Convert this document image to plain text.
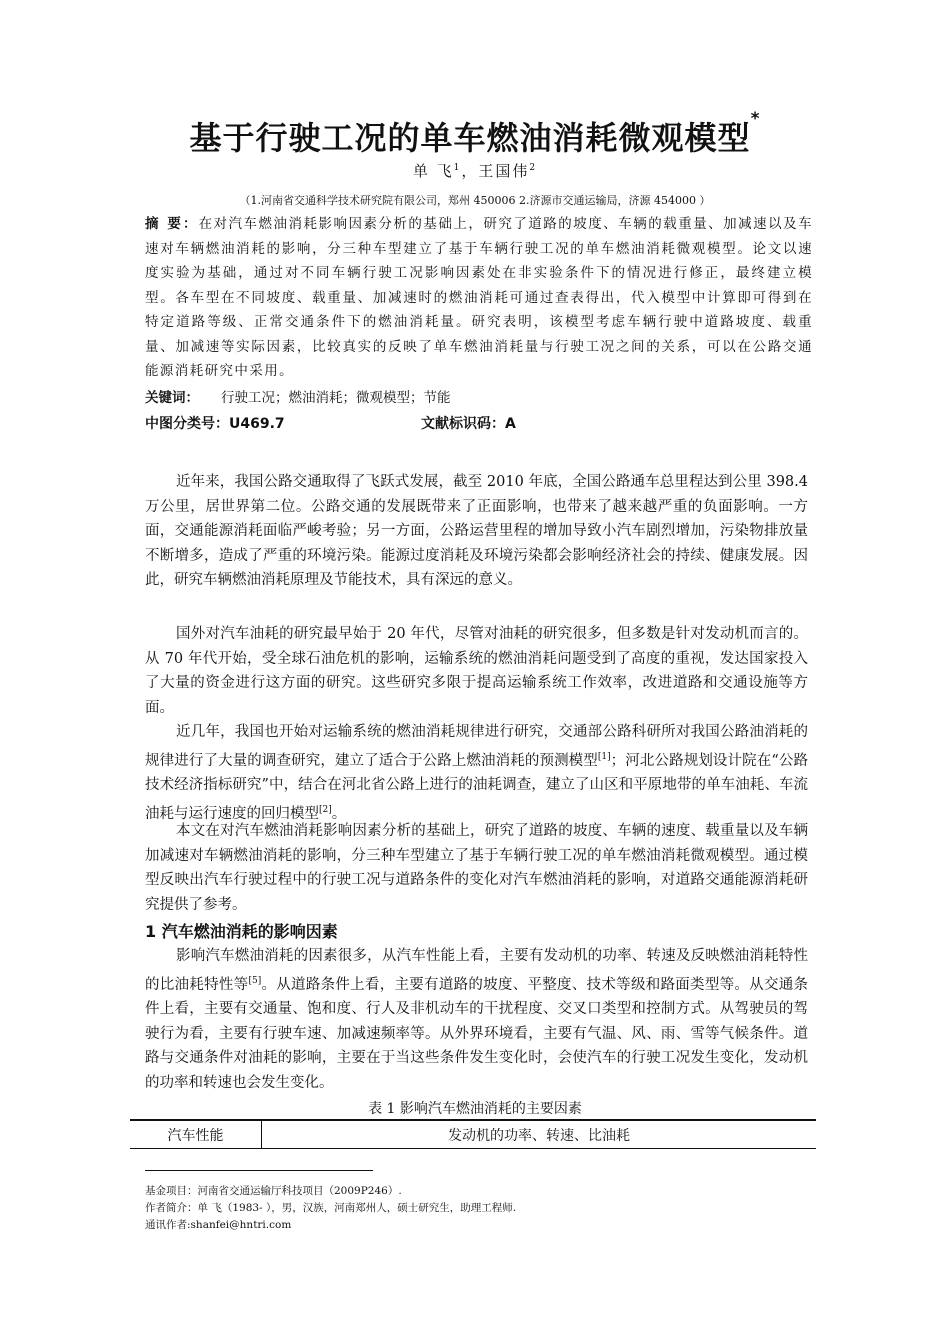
基于行驶工况的单车燃油消耗微观模型*
单 飞$^1$，王国伟$^2$
（1.河南省交通科学技术研究院有限公司，郑州 450006 2.济源市交通运输局，济源 454000 ）
摘 要：在对汽车燃油消耗影响因素分析的基础上，研究了道路的坡度、车辆的载重量、加减速以及车速对车辆燃油消耗的影响，分三种车型建立了基于车辆行驶工况的单车燃油消耗微观模型。论文以速度实验为基础，通过对不同车辆行驶工况影响因素处在非实验条件下的情况进行修正，最终建立模型。各车型在不同坡度、载重量、加减速时的燃油消耗可通过查表得出，代入模型中计算即可得到在特定道路等级、正常交通条件下的燃油消耗量。研究表明，该模型考虑车辆行驶中道路坡度、载重量、加减速等实际因素，比较真实的反映了单车燃油消耗量与行驶工况之间的关系，可以在公路交通能源消耗研究中采用。
关键词： 行驶工况；燃油消耗；微观模型；节能
中图分类号：U469.7	文献标识码：A
近年来，我国公路交通取得了飞跃式发展，截至 2010 年底，全国公路通车总里程达到公里 398.4 万公里，居世界第二位。公路交通的发展既带来了正面影响，也带来了越来越严重的负面影响。一方面，交通能源消耗面临严峻考验；另一方面，公路运营里程的增加导致小汽车剧烈增加，污染物排放量不断增多，造成了严重的环境污染。能源过度消耗及环境污染都会影响经济社会的持续、健康发展。因此，研究车辆燃油消耗原理及节能技术，具有深远的意义。
国外对汽车油耗的研究最早始于 20 年代，尽管对油耗的研究很多，但多数是针对发动机而言的。从 70 年代开始，受全球石油危机的影响，运输系统的燃油消耗问题受到了高度的重视，发达国家投入了大量的资金进行这方面的研究。这些研究多限于提高运输系统工作效率，改进道路和交通设施等方面。
近几年，我国也开始对运输系统的燃油消耗规律进行研究，交通部公路科研所对我国公路油消耗的规律进行了大量的调查研究，建立了适合于公路上燃油消耗的预测模型[1]；河北公路规划设计院在“公路技术经济指标研究”中，结合在河北省公路上进行的油耗调查，建立了山区和平原地带的单车油耗、车流油耗与运行速度的回归模型[2]。
本文在对汽车燃油消耗影响因素分析的基础上，研究了道路的坡度、车辆的速度、载重量以及车辆加减速对车辆燃油消耗的影响，分三种车型建立了基于车辆行驶工况的单车燃油消耗微观模型。通过模型反映出汽车行驶过程中的行驶工况与道路条件的变化对汽车燃油消耗的影响，对道路交通能源消耗研究提供了参考。
1 汽车燃油消耗的影响因素
影响汽车燃油消耗的因素很多，从汽车性能上看，主要有发动机的功率、转速及反映燃油消耗特性的比油耗特性等[5]。从道路条件上看，主要有道路的坡度、平整度、技术等级和路面类型等。从交通条件上看，主要有交通量、饱和度、行人及非机动车的干扰程度、交叉口类型和控制方式。从驾驶员的驾驶行为看，主要有行驶车速、加减速频率等。从外界环境看，主要有气温、风、雨、雪等气候条件。道路与交通条件对油耗的影响，主要在于当这些条件发生变化时，会使汽车的行驶工况发生变化，发动机的功率和转速也会发生变化。
表 1 影响汽车燃油消耗的主要因素
汽车性能	发动机的功率、转速、比油耗
基金项目：河南省交通运输厅科技项目（2009P246）.
作者简介：单 飞（1983- ），男，汉族，河南郑州人，硕士研究生，助理工程师.
通讯作者:shanfei@hntri.com
